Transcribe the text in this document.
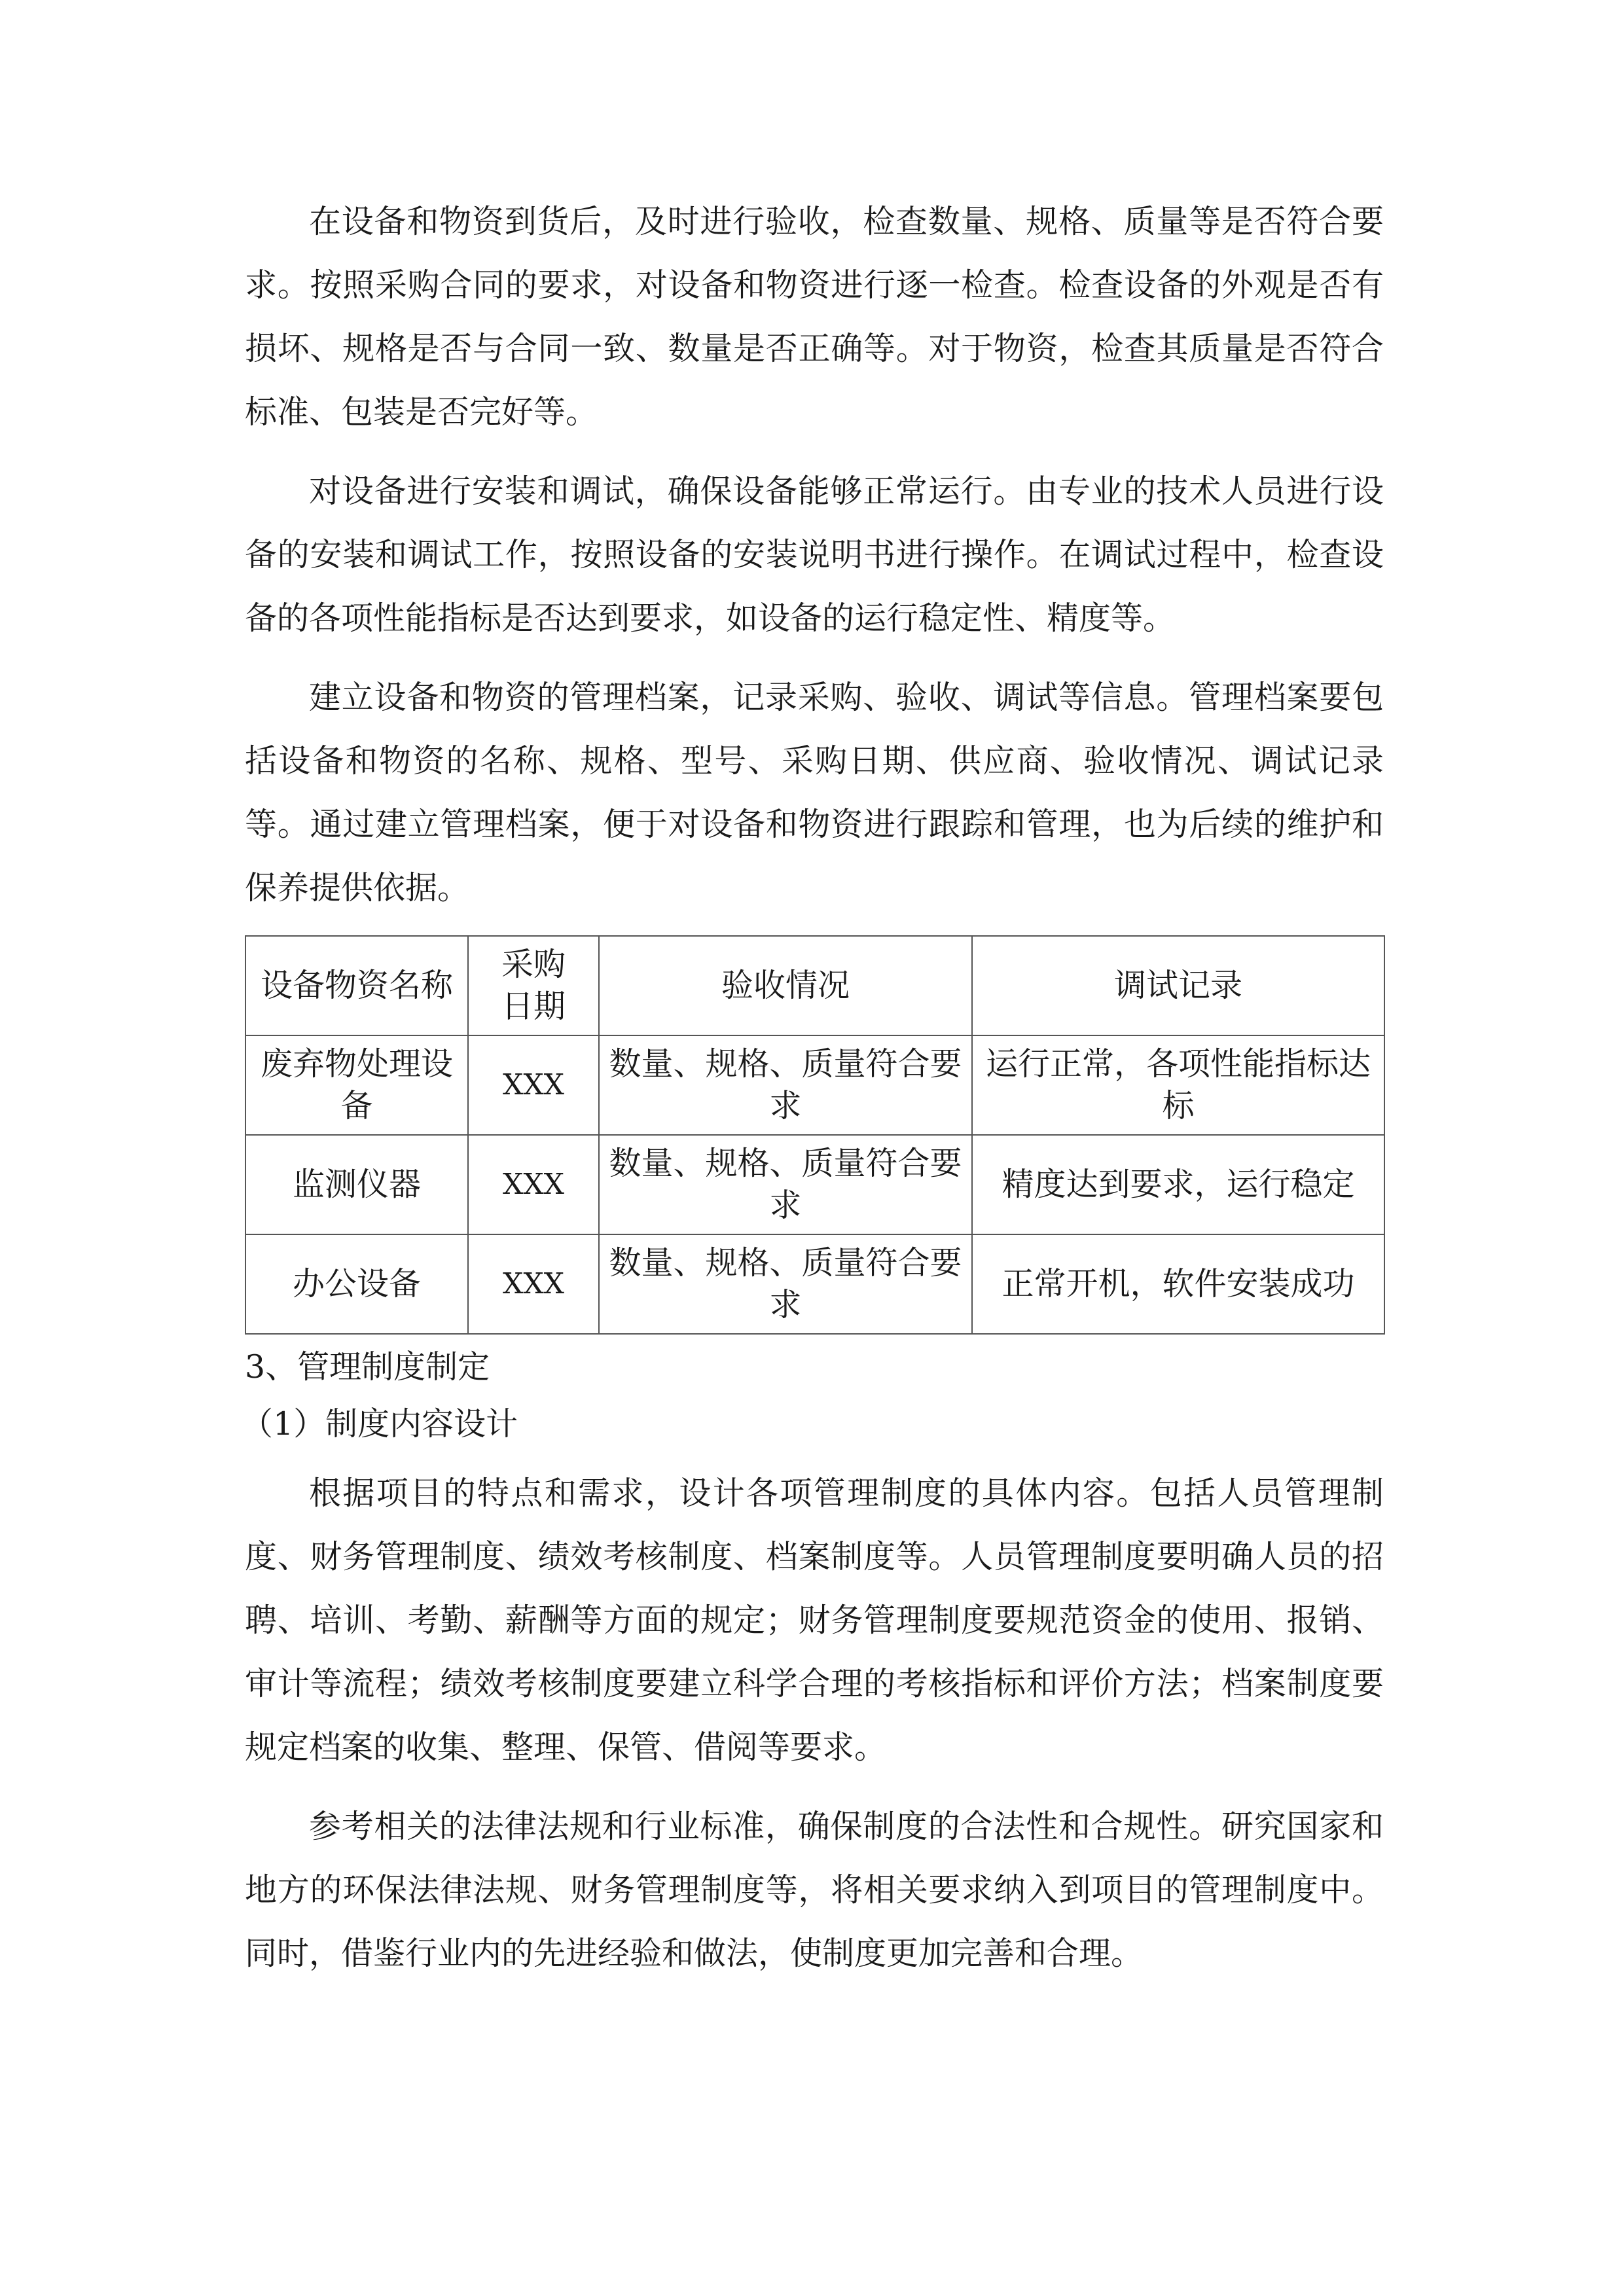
在设备和物资到货后，及时进行验收，检查数量、规格、质量等是否符合要求。按照采购合同的要求，对设备和物资进行逐一检查。检查设备的外观是否有损坏、规格是否与合同一致、数量是否正确等。对于物资，检查其质量是否符合标准、包装是否完好等。

对设备进行安装和调试，确保设备能够正常运行。由专业的技术人员进行设备的安装和调试工作，按照设备的安装说明书进行操作。在调试过程中，检查设备的各项性能指标是否达到要求，如设备的运行稳定性、精度等。

建立设备和物资的管理档案，记录采购、验收、调试等信息。管理档案要包括设备和物资的名称、规格、型号、采购日期、供应商、验收情况、调试记录等。通过建立管理档案，便于对设备和物资进行跟踪和管理，也为后续的维护和保养提供依据。

设备物资名称	采购日期	验收情况	调试记录
废弃物处理设备	XXX	数量、规格、质量符合要求	运行正常，各项性能指标达标
监测仪器	XXX	数量、规格、质量符合要求	精度达到要求，运行稳定
办公设备	XXX	数量、规格、质量符合要求	正常开机，软件安装成功

3、管理制度制定

（1）制度内容设计

根据项目的特点和需求，设计各项管理制度的具体内容。包括人员管理制度、财务管理制度、绩效考核制度、档案制度等。人员管理制度要明确人员的招聘、培训、考勤、薪酬等方面的规定；财务管理制度要规范资金的使用、报销、审计等流程；绩效考核制度要建立科学合理的考核指标和评价方法；档案制度要规定档案的收集、整理、保管、借阅等要求。

参考相关的法律法规和行业标准，确保制度的合法性和合规性。研究国家和地方的环保法律法规、财务管理制度等，将相关要求纳入到项目的管理制度中。同时，借鉴行业内的先进经验和做法，使制度更加完善和合理。
